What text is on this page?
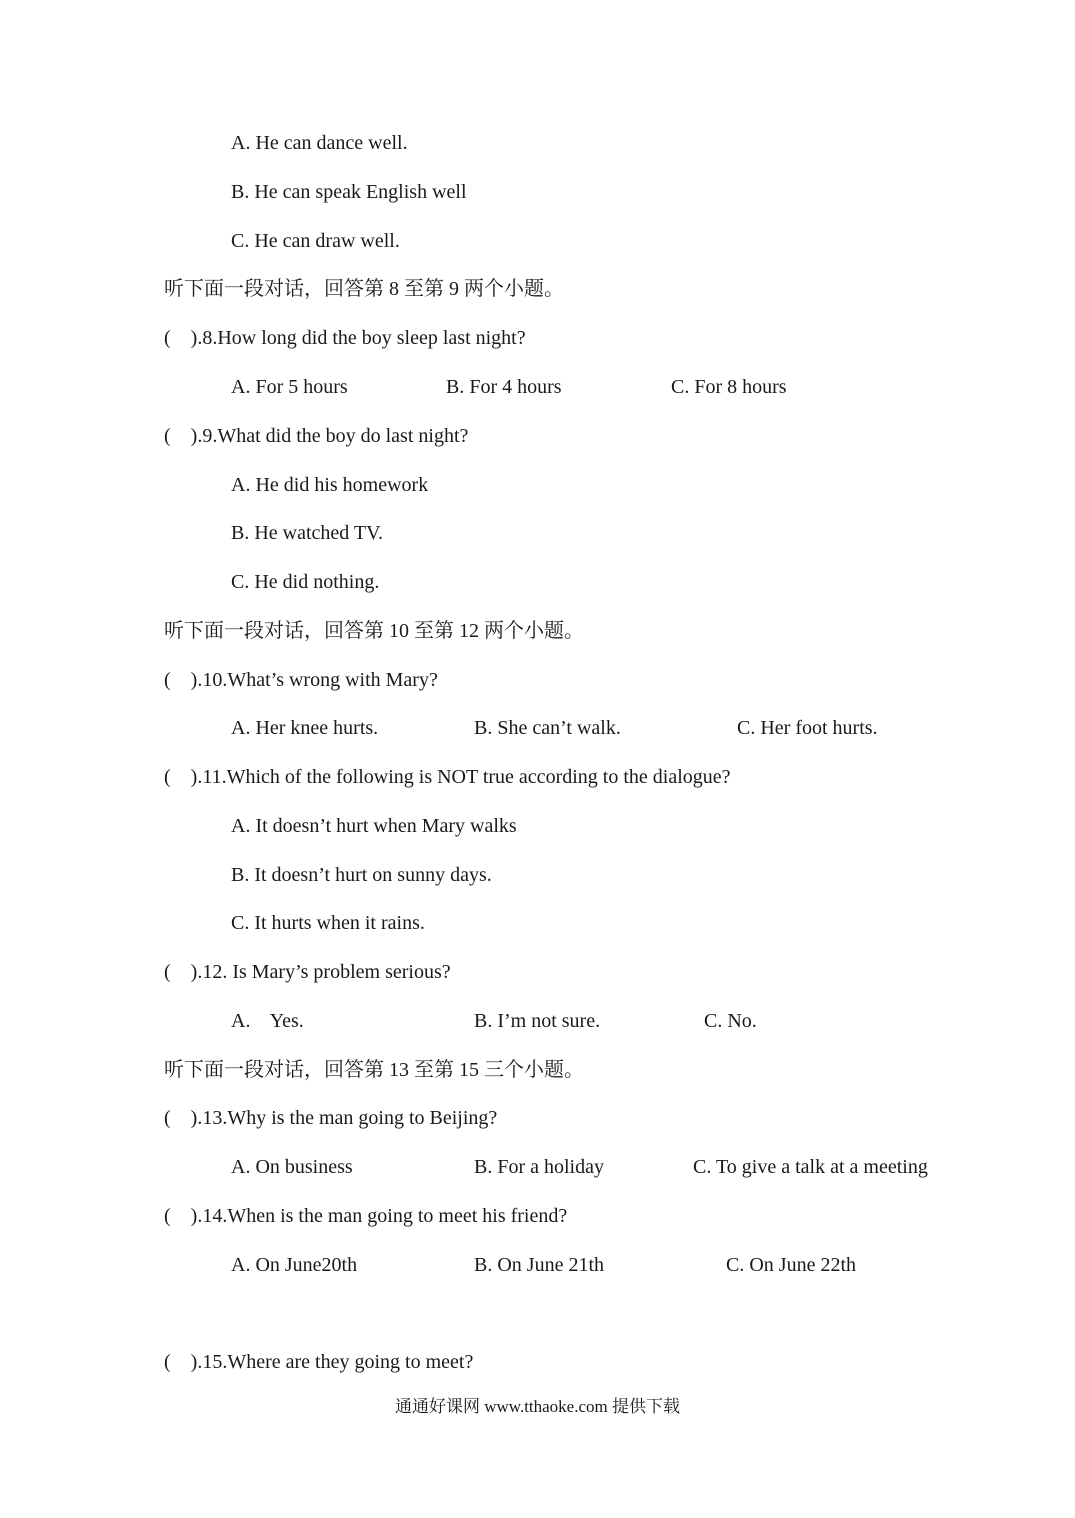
A. He can dance well.
B. He can speak English well
C. He can draw well.
听下面一段对话，回答第 8 至第 9 两个小题。
(    ).8.How long did the boy sleep last night?
A. For 5 hours	B. For 4 hours	C. For 8 hours
(    ).9.What did the boy do last night?
A. He did his homework
B. He watched TV.
C. He did nothing.
听下面一段对话，回答第 10 至第 12 两个小题。
(    ).10.What’s wrong with Mary?
A. Her knee hurts.	B. She can’t walk.	C. Her foot hurts.
(    ).11.Which of the following is NOT true according to the dialogue?
A. It doesn’t hurt when Mary walks
B. It doesn’t hurt on sunny days.
C. It hurts when it rains.
(    ).12. Is Mary’s problem serious?
A.    Yes.	B. I’m not sure.	C. No.
听下面一段对话，回答第 13 至第 15 三个小题。
(    ).13.Why is the man going to Beijing?
A. On business	B. For a holiday	C. To give a talk at a meeting
(    ).14.When is the man going to meet his friend?
A. On June20th	B. On June 21th	C. On June 22th
(    ).15.Where are they going to meet?
通通好课网 www.tthaoke.com 提供下载
